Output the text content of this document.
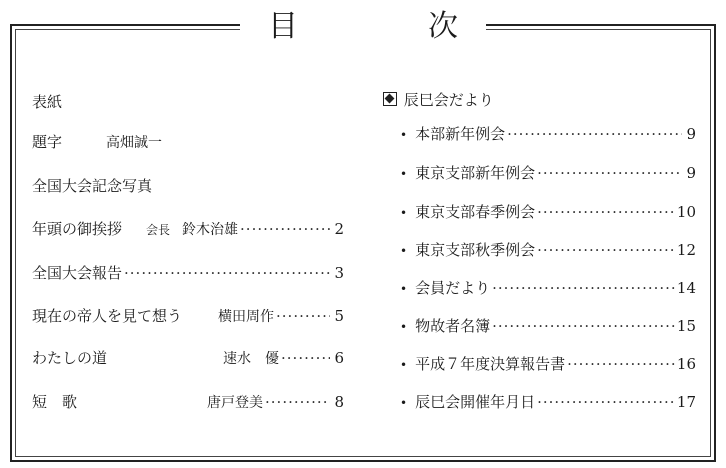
目	次
表紙
題字	高畑誠一
全国大会記念写真
年頭の御挨拶 会長 鈴木治雄 ·····	2
全国大会報告 ·····	3
現在の帝人を見て想う	横田周作 ·····	5
わたしの道	速水　優 ·····	6
短　歌	唐戸登美 ·····	8
辰巳会だより
• 本部新年例会 ·····	9
• 東京支部新年例会 ·····	9
• 東京支部春季例会 ·····	10
• 東京支部秋季例会 ·····	12
• 会員だより ·····	14
• 物故者名簿 ·····	15
• 平成７年度決算報告書 ·····	16
• 辰巳会開催年月日 ·····	17
